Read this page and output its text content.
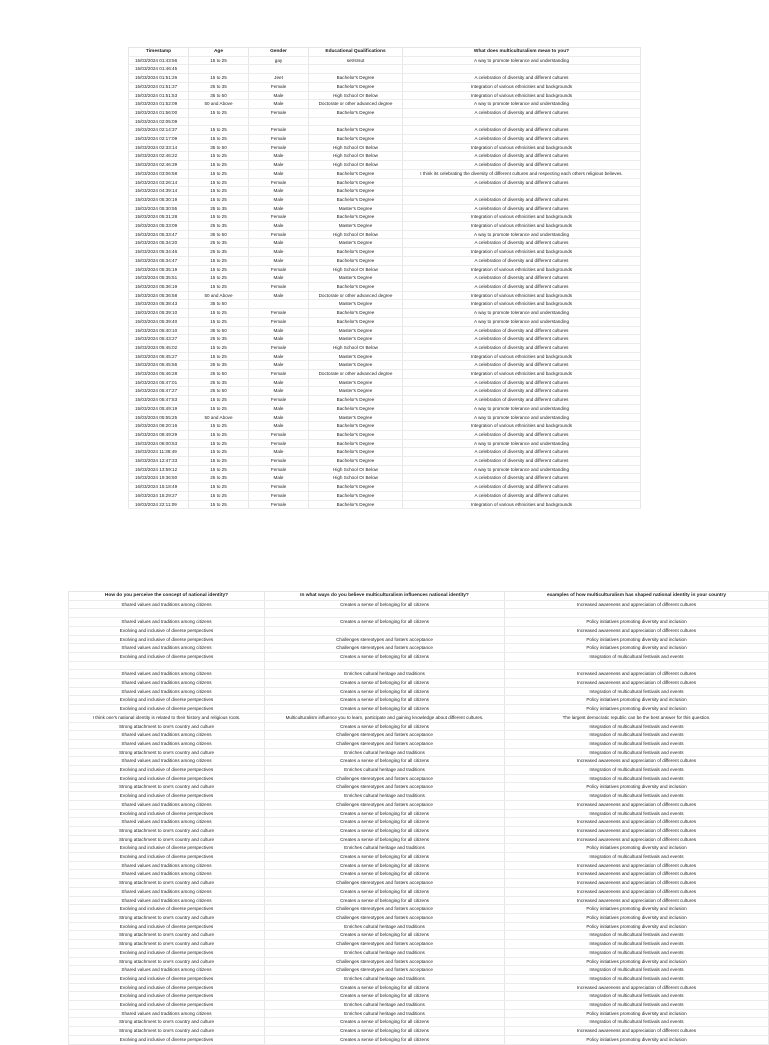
Timestamp	Age	Gender	Educational Qualifications	What does multiculturalism mean to you?
15/03/2024 01:43:56	15 to 25	gay	setrsrsut	A way to promote tolerance and understanding
15/03/2024 01:46:45				
15/03/2024 01:51:26	15 to 25	Jeet	Bachelor's Degree	A celebration of diversity and different cultures
15/03/2024 01:51:37	25 to 35	Female	Bachelor's Degree	Integration of various ethnicities and backgrounds
15/03/2024 01:51:53	35 to 50	Male	High School Or Below	Integration of various ethnicities and backgrounds
15/03/2024 01:52:09	50 and Above	Male	Doctorate or other advanced degree	A way to promote tolerance and understanding
15/03/2024 01:56:00	15 to 25	Female	Bachelor's Degree	A celebration of diversity and different cultures
15/03/2024 02:05:09				
15/03/2024 02:14:37	15 to 25	Female	Bachelor's Degree	A celebration of diversity and different cultures
15/03/2024 02:17:09	15 to 25	Female	Bachelor's Degree	A celebration of diversity and different cultures
15/03/2024 02:33:14	35 to 50	Female	High School Or Below	Integration of various ethnicities and backgrounds
15/03/2024 02:46:22	15 to 25	Male	High School Or Below	A celebration of diversity and different cultures
15/03/2024 02:46:39	15 to 25	Male	High School Or Below	A celebration of diversity and different cultures
15/03/2024 03:06:58	15 to 25	Male	Bachelor's Degree	I think its celebrating the diversity of different cultures and respecting each others religious believes.
15/03/2024 03:26:14	15 to 25	Female	Bachelor's Degree	A celebration of diversity and different cultures
15/03/2024 04:39:14	15 to 25	Male	Bachelor's Degree	
15/03/2024 05:30:19	15 to 25	Male	Bachelor's Degree	A celebration of diversity and different cultures
15/03/2024 05:30:55	25 to 35	Male	Master's Degree	A celebration of diversity and different cultures
15/03/2024 05:31:28	15 to 25	Female	Bachelor's Degree	Integration of various ethnicities and backgrounds
15/03/2024 05:33:09	25 to 35	Male	Master's Degree	Integration of various ethnicities and backgrounds
15/03/2024 05:33:47	35 to 50	Female	High School Or Below	A way to promote tolerance and understanding
15/03/2024 05:34:20	25 to 35	Male	Master's Degree	A celebration of diversity and different cultures
15/03/2024 05:34:46	25 to 35	Male	Bachelor's Degree	Integration of various ethnicities and backgrounds
15/03/2024 05:34:47	15 to 25	Male	Bachelor's Degree	A celebration of diversity and different cultures
15/03/2024 05:35:19	15 to 25	Female	High School Or Below	Integration of various ethnicities and backgrounds
15/03/2024 05:35:51	15 to 25	Male	Master's Degree	A celebration of diversity and different cultures
15/03/2024 05:36:19	15 to 25	Female	Bachelor's Degree	A celebration of diversity and different cultures
15/03/2024 05:36:58	50 and Above	Male	Doctorate or other advanced degree	Integration of various ethnicities and backgrounds
15/03/2024 05:38:43	35 to 50		Master's Degree	Integration of various ethnicities and backgrounds
15/03/2024 05:39:10	15 to 25	Female	Bachelor's Degree	A way to promote tolerance and understanding
15/03/2024 05:39:40	15 to 25	Female	Bachelor's Degree	A way to promote tolerance and understanding
15/03/2024 05:40:10	35 to 50	Male	Master's Degree	A celebration of diversity and different cultures
15/03/2024 05:43:27	25 to 35	Male	Master's Degree	A celebration of diversity and different cultures
15/03/2024 05:45:02	15 to 25	Female	High School Or Below	A celebration of diversity and different cultures
15/03/2024 05:45:27	15 to 25	Male	Master's Degree	Integration of various ethnicities and backgrounds
15/03/2024 05:45:56	25 to 35	Male	Master's Degree	A celebration of diversity and different cultures
15/03/2024 05:46:28	25 to 50	Female	Doctorate or other advanced degree	Integration of various ethnicities and backgrounds
15/03/2024 05:47:01	25 to 35	Male	Master's Degree	A celebration of diversity and different cultures
15/03/2024 05:47:27	25 to 50	Male	Master's Degree	A celebration of diversity and different cultures
15/03/2024 05:47:53	15 to 25	Female	Bachelor's Degree	A celebration of diversity and different cultures
15/03/2024 05:49:19	15 to 25	Male	Bachelor's Degree	A way to promote tolerance and understanding
15/03/2024 05:55:25	50 and Above	Male	Master's Degree	A way to promote tolerance and understanding
15/03/2024 06:20:16	15 to 25	Male	Bachelor's Degree	Integration of various ethnicities and backgrounds
15/03/2024 08:49:29	15 to 25	Female	Bachelor's Degree	A celebration of diversity and different cultures
15/03/2024 08:00:53	15 to 25	Female	Bachelor's Degree	A way to promote tolerance and understanding
15/03/2024 11:38:49	15 to 25	Male	Bachelor's Degree	A celebration of diversity and different cultures
15/03/2024 12:47:33	15 to 25	Female	Bachelor's Degree	A celebration of diversity and different cultures
15/03/2024 13:59:12	15 to 25	Female	High School Or Below	A way to promote tolerance and understanding
15/03/2024 19:36:50	25 to 35	Male	High School Or Below	A celebration of diversity and different cultures
16/03/2024 15:18:49	15 to 25	Female	Bachelor's Degree	A celebration of diversity and different cultures
16/03/2024 15:29:27	15 to 25	Female	Bachelor's Degree	A celebration of diversity and different cultures
16/03/2024 22:11:09	15 to 25	Female	Bachelor's Degree	Integration of various ethnicities and backgrounds
How do you perceive the concept of national identity?	In what ways do you believe multiculturalism influences national identity?	examples of how multiculturalism has shaped national identity in your country
Shared values and traditions among citizens	Creates a sense of belonging for all citizens	Increased awareness and appreciation of different cultures

Shared values and traditions among citizens	Creates a sense of belonging for all citizens	Policy initiatives promoting diversity and inclusion
Evolving and inclusive of diverse perspectives		Increased awareness and appreciation of different cultures
Evolving and inclusive of diverse perspectives	Challenges stereotypes and fosters acceptance	Policy initiatives promoting diversity and inclusion
Shared values and traditions among citizens	Challenges stereotypes and fosters acceptance	Policy initiatives promoting diversity and inclusion
Evolving and inclusive of diverse perspectives	Creates a sense of belonging for all citizens	Integration of multicultural festivals and events

Shared values and traditions among citizens	Enriches cultural heritage and traditions	Increased awareness and appreciation of different cultures
Shared values and traditions among citizens	Creates a sense of belonging for all citizens	Increased awareness and appreciation of different cultures
Shared values and traditions among citizens	Creates a sense of belonging for all citizens	Integration of multicultural festivals and events
Evolving and inclusive of diverse perspectives	Creates a sense of belonging for all citizens	Policy initiatives promoting diversity and inclusion
Evolving and inclusive of diverse perspectives	Creates a sense of belonging for all citizens	Policy initiatives promoting diversity and inclusion
I think one's national identity is related to their history and religious roots.	Multiculturalism influence you to learn, participate and gaining knowledge about different cultures.	The largest democratic republic can be the best answer for this question.
Strong attachment to one's country and culture	Creates a sense of belonging for all citizens	Integration of multicultural festivals and events
Shared values and traditions among citizens	Challenges stereotypes and fosters acceptance	Integration of multicultural festivals and events
Shared values and traditions among citizens	Challenges stereotypes and fosters acceptance	Integration of multicultural festivals and events
Strong attachment to one's country and culture	Enriches cultural heritage and traditions	Integration of multicultural festivals and events
Shared values and traditions among citizens	Creates a sense of belonging for all citizens	Increased awareness and appreciation of different cultures
Evolving and inclusive of diverse perspectives	Enriches cultural heritage and traditions	Integration of multicultural festivals and events
Evolving and inclusive of diverse perspectives	Challenges stereotypes and fosters acceptance	Integration of multicultural festivals and events
Strong attachment to one's country and culture	Challenges stereotypes and fosters acceptance	Policy initiatives promoting diversity and inclusion
Evolving and inclusive of diverse perspectives	Enriches cultural heritage and traditions	Integration of multicultural festivals and events
Shared values and traditions among citizens	Challenges stereotypes and fosters acceptance	Increased awareness and appreciation of different cultures
Evolving and inclusive of diverse perspectives	Creates a sense of belonging for all citizens	Integration of multicultural festivals and events
Shared values and traditions among citizens	Creates a sense of belonging for all citizens	Increased awareness and appreciation of different cultures
Strong attachment to one's country and culture	Creates a sense of belonging for all citizens	Increased awareness and appreciation of different cultures
Strong attachment to one's country and culture	Creates a sense of belonging for all citizens	Increased awareness and appreciation of different cultures
Evolving and inclusive of diverse perspectives	Enriches cultural heritage and traditions	Policy initiatives promoting diversity and inclusion
Evolving and inclusive of diverse perspectives	Creates a sense of belonging for all citizens	Integration of multicultural festivals and events
Shared values and traditions among citizens	Creates a sense of belonging for all citizens	Increased awareness and appreciation of different cultures
Shared values and traditions among citizens	Creates a sense of belonging for all citizens	Increased awareness and appreciation of different cultures
Strong attachment to one's country and culture	Challenges stereotypes and fosters acceptance	Increased awareness and appreciation of different cultures
Shared values and traditions among citizens	Creates a sense of belonging for all citizens	Increased awareness and appreciation of different cultures
Shared values and traditions among citizens	Creates a sense of belonging for all citizens	Increased awareness and appreciation of different cultures
Evolving and inclusive of diverse perspectives	Challenges stereotypes and fosters acceptance	Policy initiatives promoting diversity and inclusion
Strong attachment to one's country and culture	Challenges stereotypes and fosters acceptance	Policy initiatives promoting diversity and inclusion
Evolving and inclusive of diverse perspectives	Enriches cultural heritage and traditions	Policy initiatives promoting diversity and inclusion
Strong attachment to one's country and culture	Creates a sense of belonging for all citizens	Integration of multicultural festivals and events
Strong attachment to one's country and culture	Challenges stereotypes and fosters acceptance	Integration of multicultural festivals and events
Evolving and inclusive of diverse perspectives	Enriches cultural heritage and traditions	Integration of multicultural festivals and events
Strong attachment to one's country and culture	Challenges stereotypes and fosters acceptance	Policy initiatives promoting diversity and inclusion
Shared values and traditions among citizens	Challenges stereotypes and fosters acceptance	Integration of multicultural festivals and events
Evolving and inclusive of diverse perspectives	Enriches cultural heritage and traditions	Integration of multicultural festivals and events
Evolving and inclusive of diverse perspectives	Creates a sense of belonging for all citizens	Increased awareness and appreciation of different cultures
Evolving and inclusive of diverse perspectives	Creates a sense of belonging for all citizens	Integration of multicultural festivals and events
Evolving and inclusive of diverse perspectives	Enriches cultural heritage and traditions	Integration of multicultural festivals and events
Shared values and traditions among citizens	Enriches cultural heritage and traditions	Policy initiatives promoting diversity and inclusion
Strong attachment to one's country and culture	Creates a sense of belonging for all citizens	Integration of multicultural festivals and events
Strong attachment to one's country and culture	Creates a sense of belonging for all citizens	Increased awareness and appreciation of different cultures
Evolving and inclusive of diverse perspectives	Creates a sense of belonging for all citizens	Policy initiatives promoting diversity and inclusion
